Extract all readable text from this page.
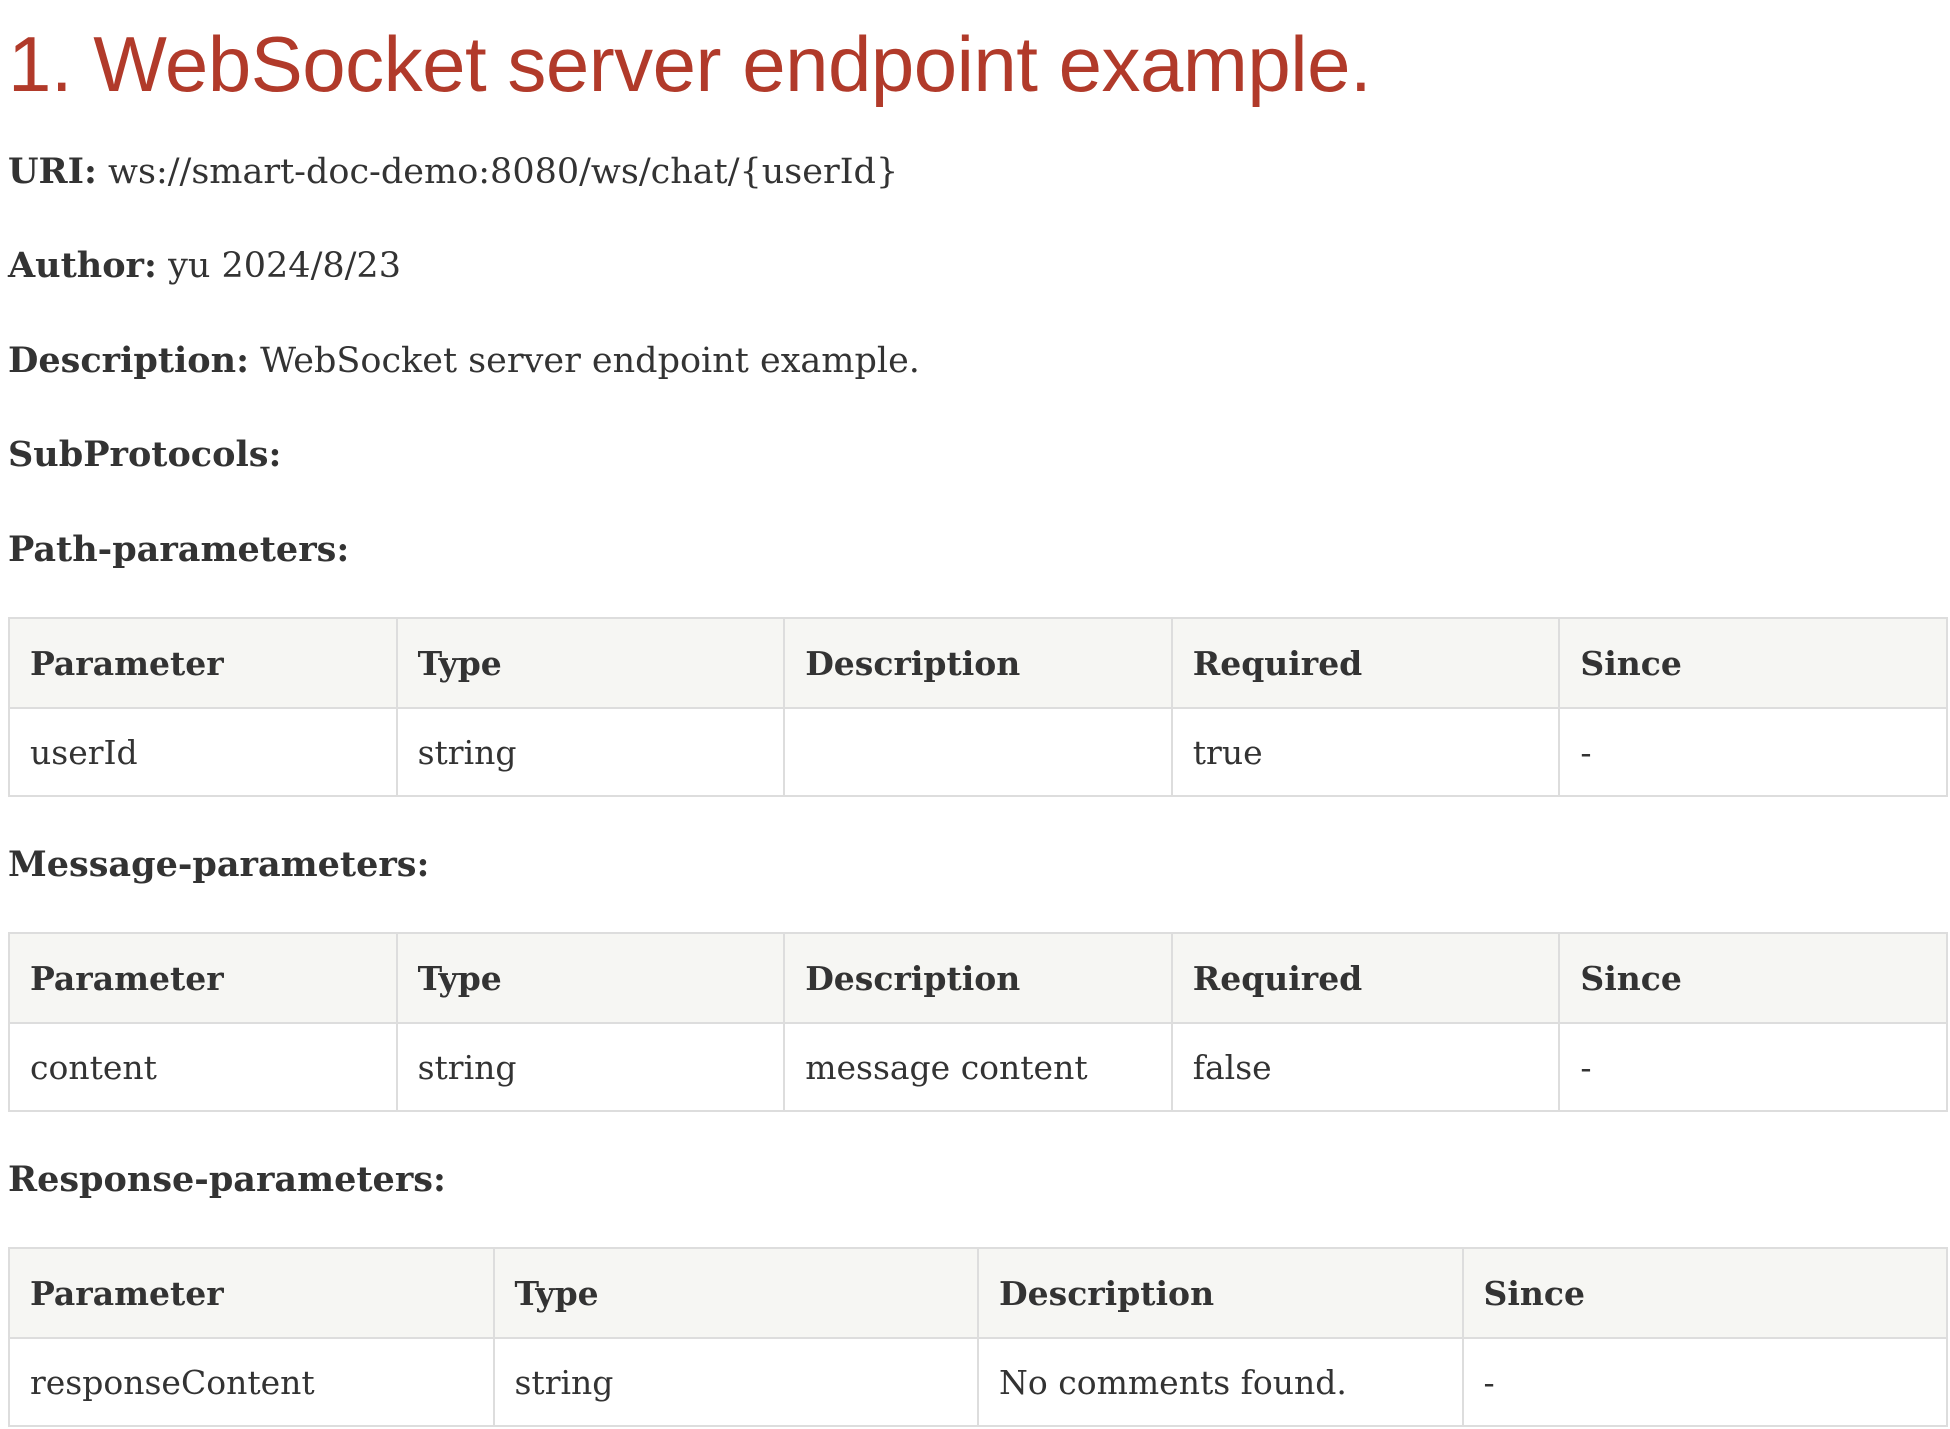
1. WebSocket server endpoint example.
URI: ws://smart-doc-demo:8080/ws/chat/{userId}
Author: yu 2024/8/23
Description: WebSocket server endpoint example.
SubProtocols:
Path-parameters:
Parameter	Type	Description	Required	Since
userId	string		true	-
Message-parameters:
Parameter	Type	Description	Required	Since
content	string	message content	false	-
Response-parameters:
Parameter	Type	Description	Since
responseContent	string	No comments found.	-
